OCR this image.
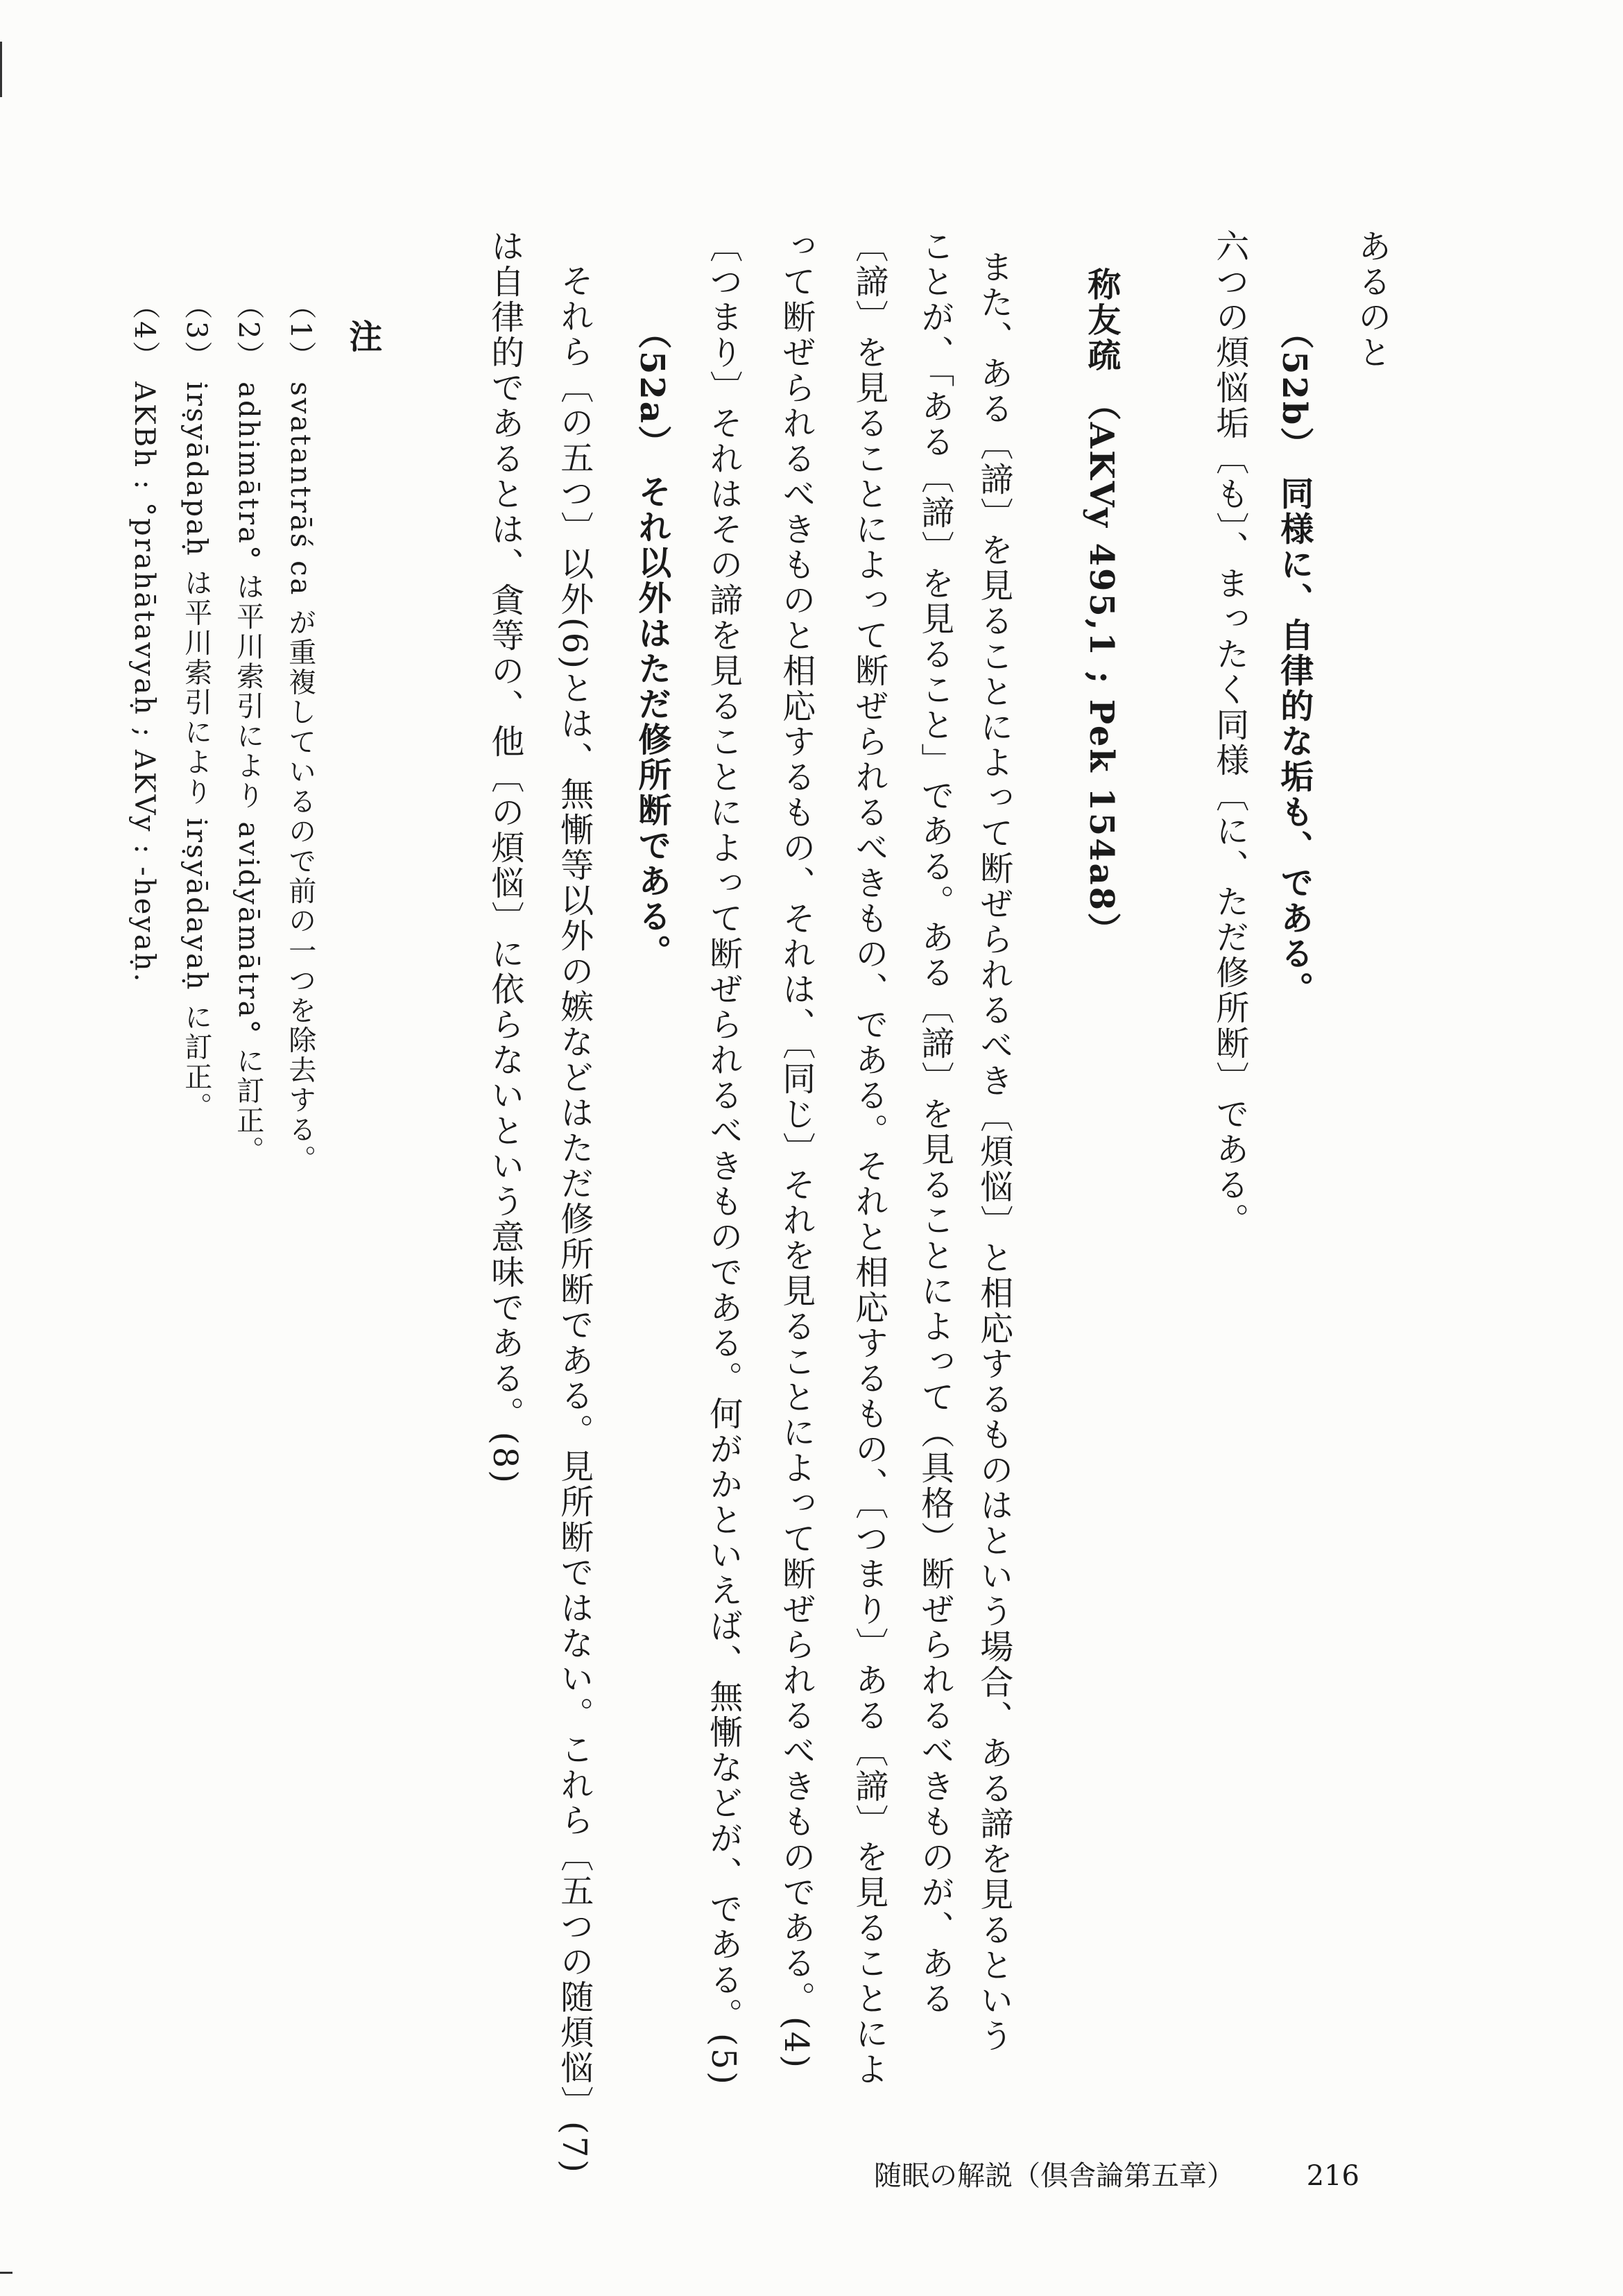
あるのと
（52b） 同様に、自律的な垢も、である。
六つの煩悩垢〔も〕、まったく同様〔に、ただ修所断〕である。
称友疏 （AKVy 495,1 ; Pek 154a8）
また、ある〔諦〕を見ることによって断ぜられるべき〔煩悩〕と相応するものはという場合、ある諦を見るという
ことが、「ある〔諦〕を見ること」である。ある〔諦〕を見ることによって（具格）断ぜられるべきものが、ある
〔諦〕を見ることによって断ぜられるべきもの、である。それと相応するもの、〔つまり〕ある〔諦〕を見ることによ
って断ぜられるべきものと相応するもの、それは、〔同じ〕それを見ることによって断ぜられるべきものである。(4)
〔つまり〕それはその諦を見ることによって断ぜられるべきものである。何がかといえば、無慚などが、である。(5)
（52a） それ以外はただ修所断である。
それら〔の五つ〕以外(6)とは、無慚等以外の嫉などはただ修所断である。見所断ではない。これら〔五つの随煩悩〕(7)
は自律的であるとは、貪等の、他〔の煩悩〕に依らないという意味である。(8)
注
（1） svatantrāś ca が重複しているので前の一つを除去する。
（2） adhimātra° は平川索引により avidyāmātra° に訂正。
（3） irṣyādapaḥ は平川索引により irṣyādayaḥ に訂正。
（4） AKBh : °prahātavyaḥ ; AKVy : -heyaḥ.
随眠の解説（倶舎論第五章）	216
